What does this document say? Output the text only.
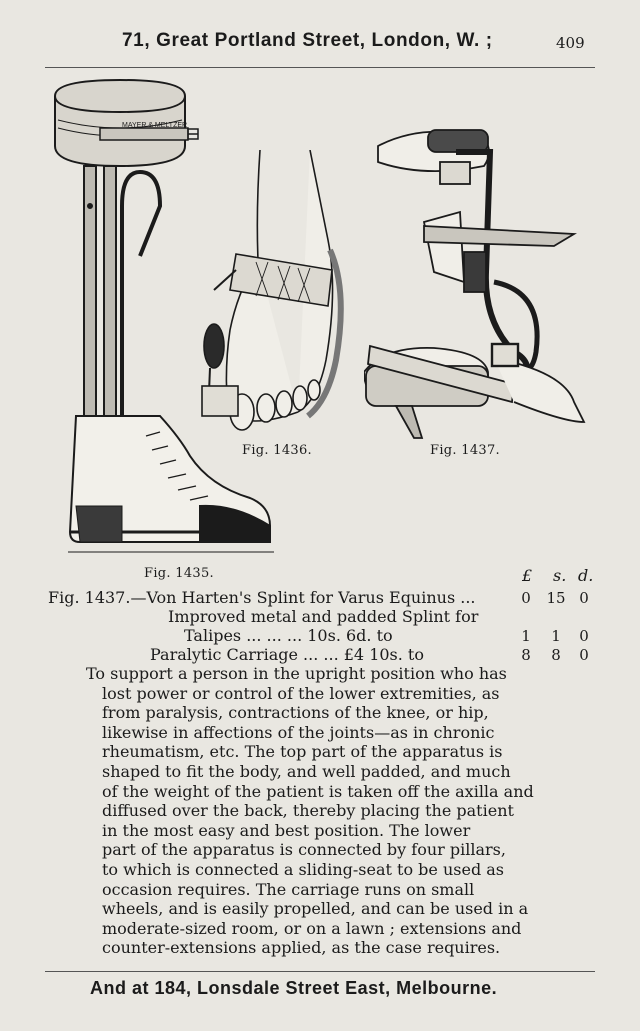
71, Great Portland Street, London, W. ;	409
MAYER & MELTZER
Fig. 1435.
Fig. 1436.	Fig. 1437.
£ s. d.
Fig. 1437.—Von Harten's Splint for Varus Equinus ...	0	15 0
Improved metal and padded Splint for
Talipes ... ... ... 10s. 6d. to	1	1	0
Paralytic Carriage ... ... £4 10s. to	8	8	0
To support a person in the upright position who has
lost power or control of the lower extremities, as
from paralysis, contractions of the knee, or hip,
likewise in affections of the joints—as in chronic
rheumatism, etc. The top part of the apparatus is
shaped to fit the body, and well padded, and much
of the weight of the patient is taken off the axilla and
diffused over the back, thereby placing the patient
in the most easy and best position. The lower
part of the apparatus is connected by four pillars,
to which is connected a sliding-seat to be used as
occasion requires. The carriage runs on small
wheels, and is easily propelled, and can be used in a
moderate-sized room, or on a lawn ; extensions and
counter-extensions applied, as the case requires.
And at 184, Lonsdale Street East, Melbourne.
